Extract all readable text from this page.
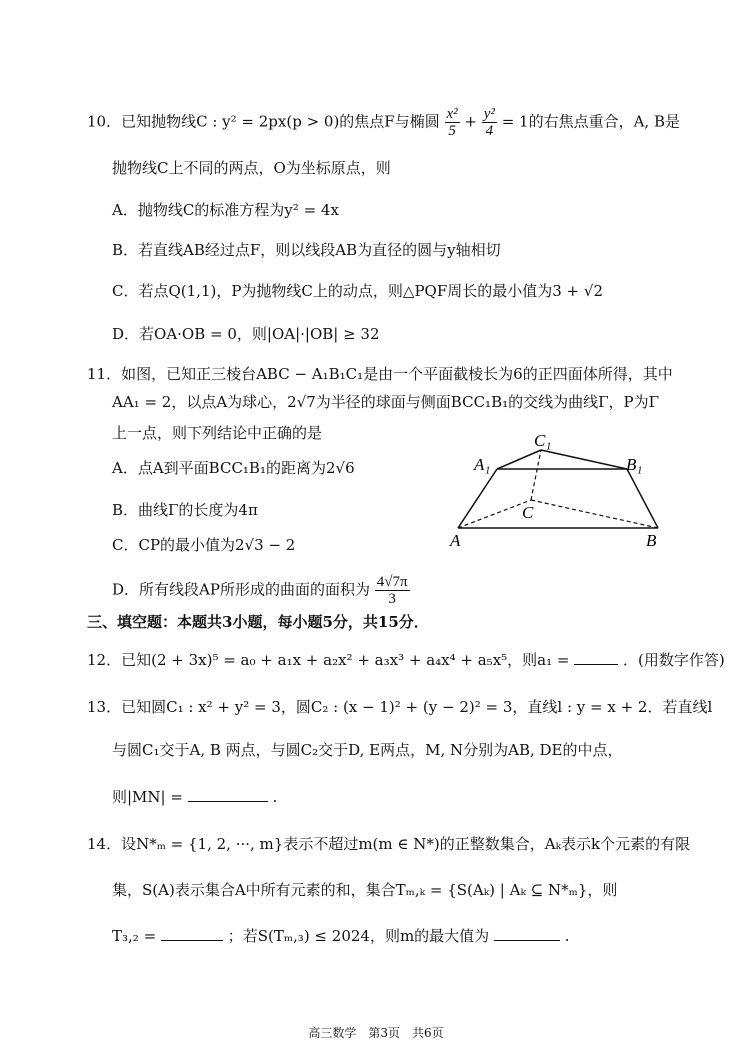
10．已知抛物线C : y² = 2px(p > 0)的焦点F与椭圆 $\frac{\text{x²}}{5} + \frac{\text{y²}}{4} = 1$的右焦点重合，A, B是
抛物线C上不同的两点，O为坐标原点，则
A．抛物线C的标准方程为y² = 4x
B．若直线AB经过点F，则以线段AB为直径的圆与y轴相切
C．若点Q(1,1)，P为抛物线C上的动点，则△PQF周长的最小值为3 + √2
D．若OA·OB = 0，则|OA|·|OB| ≥ 32
11．如图，已知正三棱台ABC − A₁B₁C₁是由一个平面截棱长为6的正四面体所得，其中
AA₁ = 2，以点A为球心，2√7为半径的球面与侧面BCC₁B₁的交线为曲线Γ，P为Γ
上一点，则下列结论中正确的是
A．点A到平面BCC₁B₁的距离为2√6
B．曲线Γ的长度为4π
C．CP的最小值为2√3 − 2
D．所有线段AP所形成的曲面的面积为 $\frac{4√7\pi}{3}$
C₁
A₁	B₁
C
A	B
三、填空题：本题共3小题，每小题5分，共15分．
12．已知(2 + 3x)⁵ = a₀ + a₁x + a₂x² + a₃x³ + a₄x⁴ + a₅x⁵，则a₁ =	．(用数字作答)
13．已知圆C₁ : x² + y² = 3，圆C₂ : (x − 1)² + (y − 2)² = 3，直线l : y = x + 2．若直线l
与圆C₁交于A, B 两点，与圆C₂交于D, E两点，M, N分别为AB, DE的中点，
则|MN| =	.
14．设N*ₘ = {1, 2, ···, m}表示不超过m(m ∈ N*)的正整数集合，Aₖ表示k个元素的有限
集，S(A)表示集合A中所有元素的和，集合Tₘ,ₖ = {S(Aₖ) | Aₖ ⊆ N*ₘ}，则
T₃,₂ =	；若S(Tₘ,₃) ≤ 2024，则m的最大值为	.
高三数学　第3页　共6页
